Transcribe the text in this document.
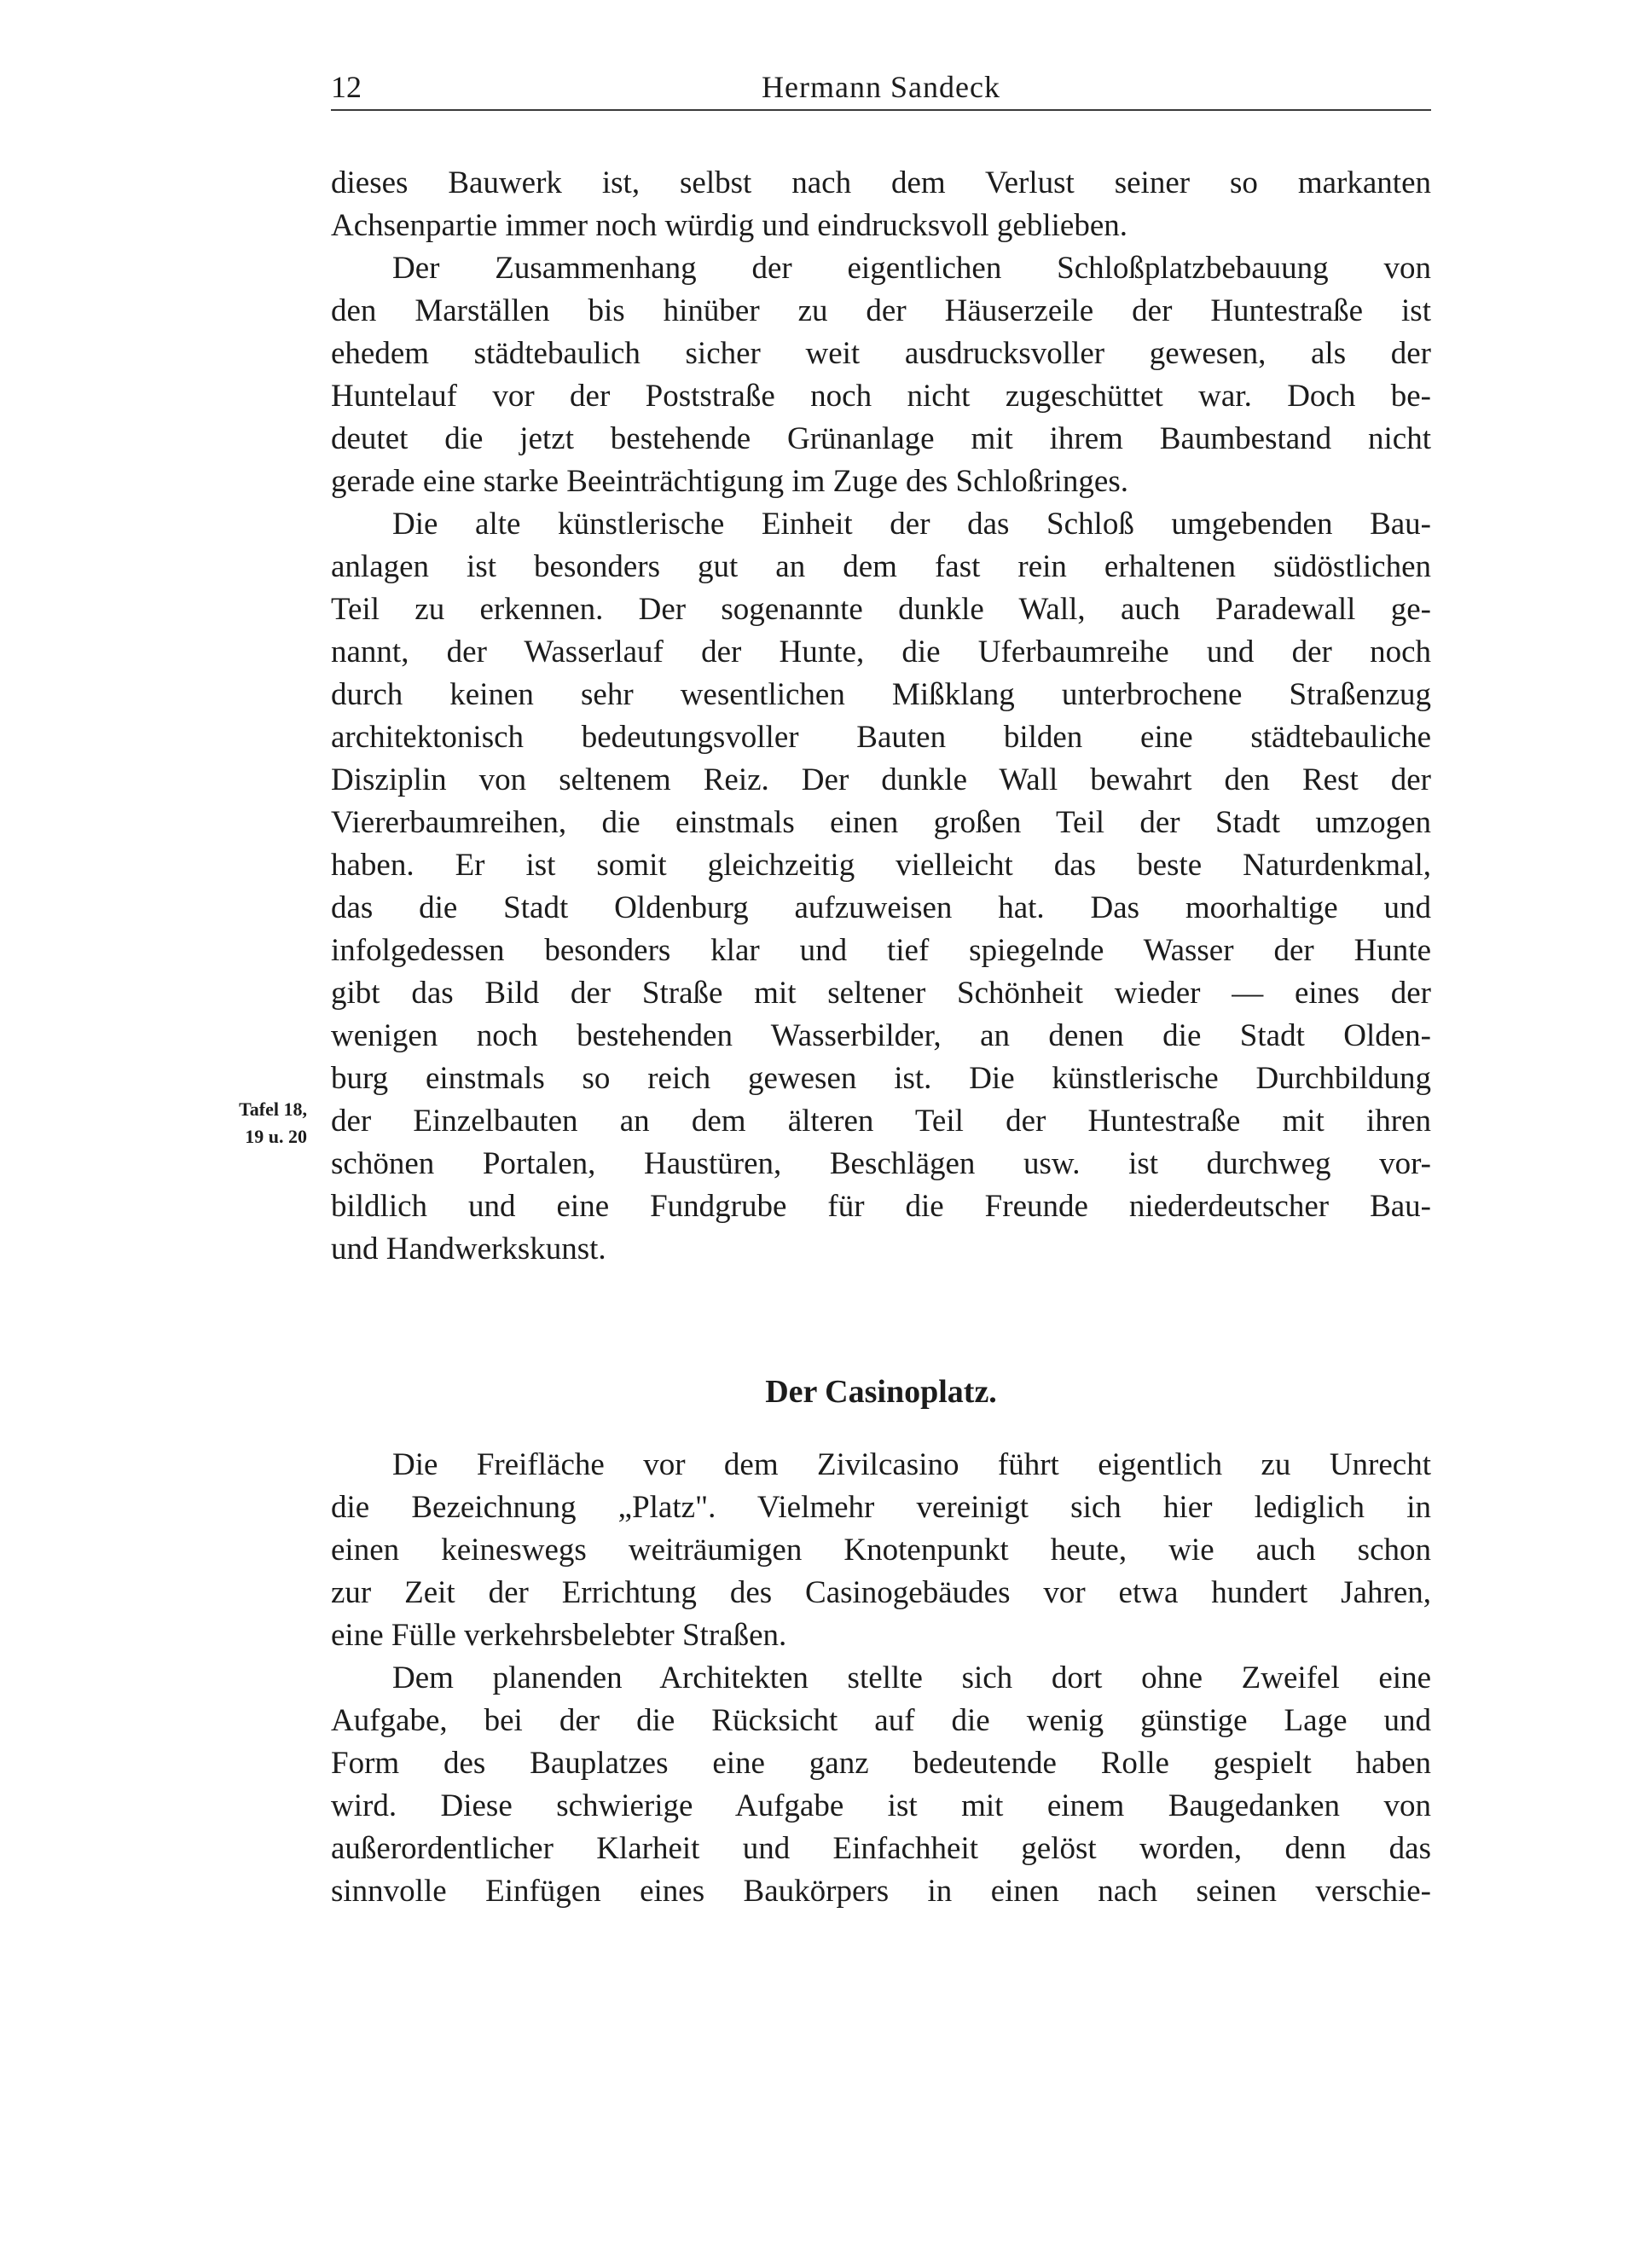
12	Hermann Sandeck
dieses Bauwerk ist, selbst nach dem Verlust seiner so markanten
Achsenpartie immer noch würdig und eindrucksvoll geblieben.
Der Zusammenhang der eigentlichen Schloßplatzbebauung von
den Marställen bis hinüber zu der Häuserzeile der Huntestraße ist
ehedem städtebaulich sicher weit ausdrucksvoller gewesen, als der
Huntelauf vor der Poststraße noch nicht zugeschüttet war. Doch be-
deutet die jetzt bestehende Grünanlage mit ihrem Baumbestand nicht
gerade eine starke Beeinträchtigung im Zuge des Schloßringes.
Die alte künstlerische Einheit der das Schloß umgebenden Bau-
anlagen ist besonders gut an dem fast rein erhaltenen südöstlichen
Teil zu erkennen. Der sogenannte dunkle Wall, auch Paradewall ge-
nannt, der Wasserlauf der Hunte, die Uferbaumreihe und der noch
durch keinen sehr wesentlichen Mißklang unterbrochene Straßenzug
architektonisch bedeutungsvoller Bauten bilden eine städtebauliche
Disziplin von seltenem Reiz. Der dunkle Wall bewahrt den Rest der
Viererbaumreihen, die einstmals einen großen Teil der Stadt umzogen
haben. Er ist somit gleichzeitig vielleicht das beste Naturdenkmal,
das die Stadt Oldenburg aufzuweisen hat. Das moorhaltige und
infolgedessen besonders klar und tief spiegelnde Wasser der Hunte
gibt das Bild der Straße mit seltener Schönheit wieder — eines der
wenigen noch bestehenden Wasserbilder, an denen die Stadt Olden-
burg einstmals so reich gewesen ist. Die künstlerische Durchbildung
der Einzelbauten an dem älteren Teil der Huntestraße mit ihren
schönen Portalen, Haustüren, Beschlägen usw. ist durchweg vor-
bildlich und eine Fundgrube für die Freunde niederdeutscher Bau-
und Handwerkskunst.
Tafel 18,
19 u. 20
Der Casinoplatz.
Die Freifläche vor dem Zivilcasino führt eigentlich zu Unrecht
die Bezeichnung „Platz". Vielmehr vereinigt sich hier lediglich in
einen keineswegs weiträumigen Knotenpunkt heute, wie auch schon
zur Zeit der Errichtung des Casinogebäudes vor etwa hundert Jahren,
eine Fülle verkehrsbelebter Straßen.
Dem planenden Architekten stellte sich dort ohne Zweifel eine
Aufgabe, bei der die Rücksicht auf die wenig günstige Lage und
Form des Bauplatzes eine ganz bedeutende Rolle gespielt haben
wird. Diese schwierige Aufgabe ist mit einem Baugedanken von
außerordentlicher Klarheit und Einfachheit gelöst worden, denn das
sinnvolle Einfügen eines Baukörpers in einen nach seinen verschie-
